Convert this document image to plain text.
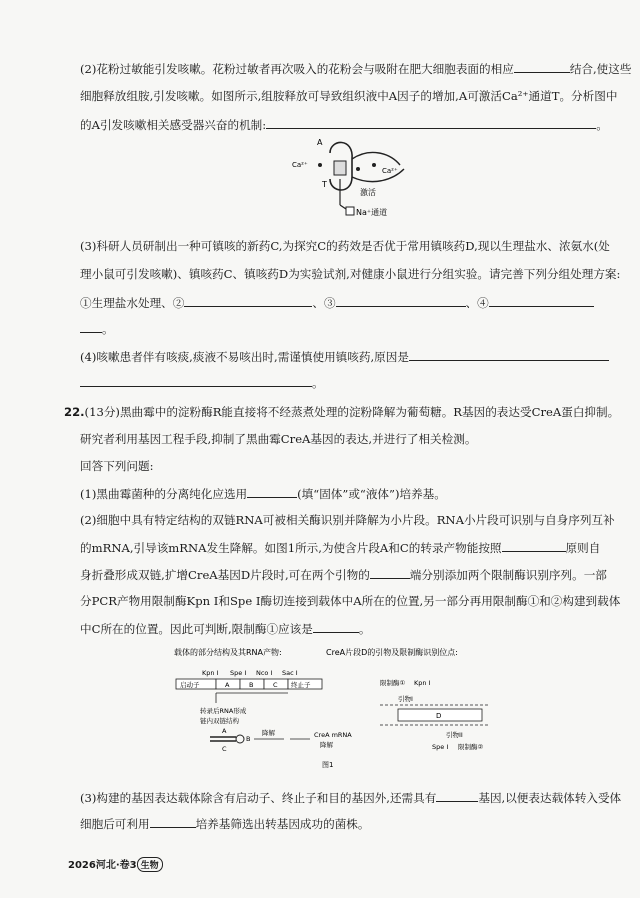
(2)花粉过敏能引发咳嗽。花粉过敏者再次吸入的花粉会与吸附在肥大细胞表面的相应	结合,使这些
细胞释放组胺,引发咳嗽。如图所示,组胺释放可导致组织液中A因子的增加,A可激活Ca²⁺通道T。分析图中
的A引发咳嗽相关感受器兴奋的机制:	。
A
Ca²⁺
Ca²⁺
T
激活
Na⁺通道
(3)科研人员研制出一种可镇咳的新药C,为探究C的药效是否优于常用镇咳药D,现以生理盐水、浓氨水(处
理小鼠可引发咳嗽)、镇咳药C、镇咳药D为实验试剂,对健康小鼠进行分组实验。请完善下列分组处理方案:
①生理盐水处理、②	、③	、④
。
(4)咳嗽患者伴有咳痰,痰液不易咳出时,需谨慎使用镇咳药,原因是
。
22.(13分)黑曲霉中的淀粉酶R能直接将不经蒸煮处理的淀粉降解为葡萄糖。R基因的表达受CreA蛋白抑制。
研究者利用基因工程手段,抑制了黑曲霉CreA基因的表达,并进行了相关检测。
回答下列问题:
(1)黑曲霉菌种的分离纯化应选用	(填“固体”或“液体”)培养基。
(2)细胞中具有特定结构的双链RNA可被相关酶识别并降解为小片段。RNA小片段可识别与自身序列互补
的mRNA,引导该mRNA发生降解。如图1所示,为使含片段A和C的转录产物能按照	原则自
身折叠形成双链,扩增CreA基因D片段时,可在两个引物的	端分别添加两个限制酶识别序列。一部
分PCR产物用限制酶Kpn I和Spe I酶切连接到载体中A所在的位置,另一部分再用限制酶①和②构建到载体
中C所在的位置。因此可判断,限制酶①应该是	。
载体的部分结构及其RNA产物:	CreA片段D的引物及限制酶识别位点:
Kpn I Spe I Nco I Sac I
启动子	A	B	C 终止子
转录后RNA形成
链内双链结构
A
C
B
降解	CreA mRNA
降解
限制酶① Kpn I
引物I
D
引物II
Spe I 限制酶②
图1
(3)构建的基因表达载体除含有启动子、终止子和目的基因外,还需具有	基因,以便表达载体转入受体
细胞后可利用	培养基筛选出转基因成功的菌株。
2026河北·卷3 生物
